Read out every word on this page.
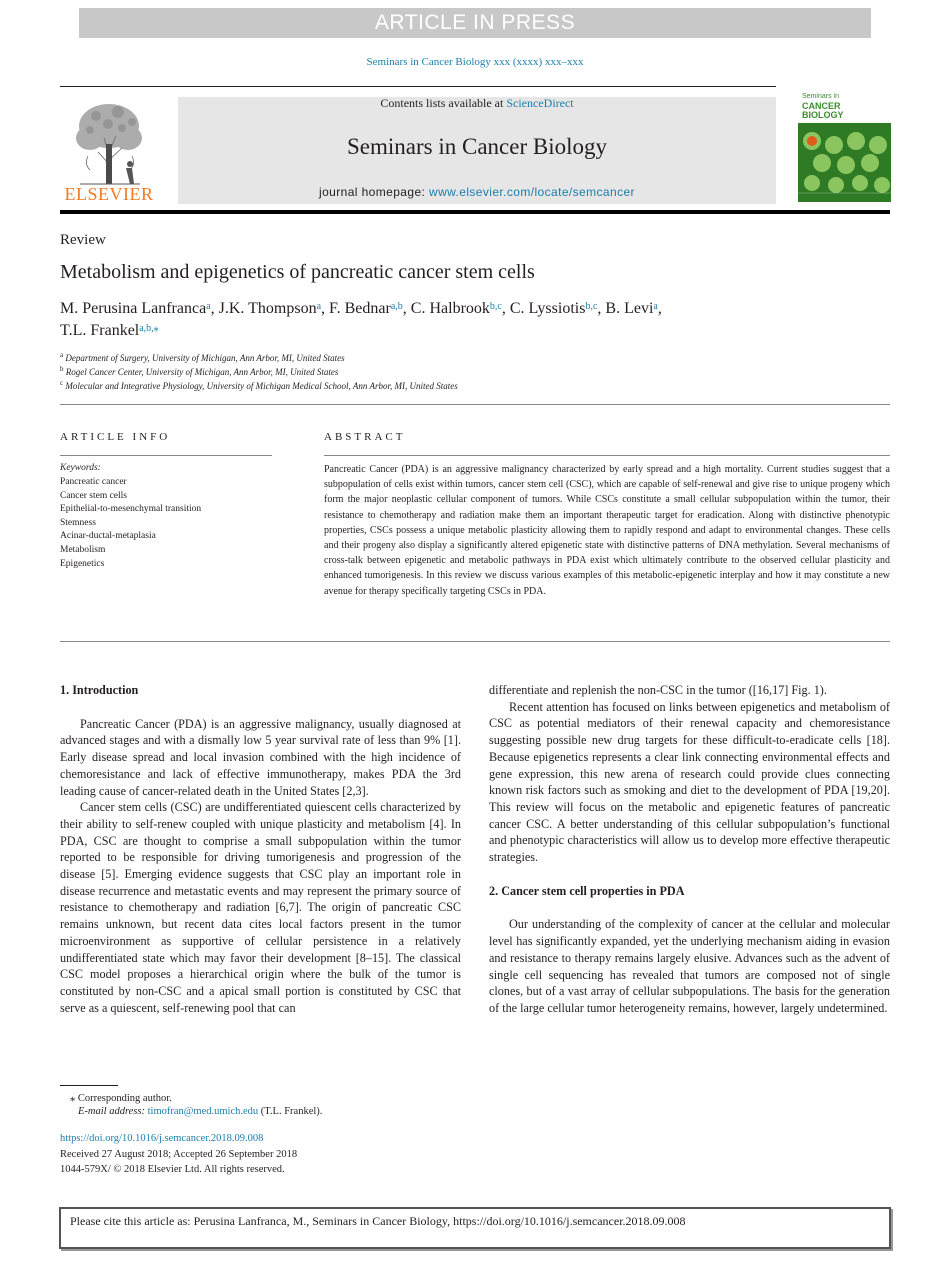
ARTICLE IN PRESS
Seminars in Cancer Biology xxx (xxxx) xxx–xxx
ELSEVIER
Contents lists available at ScienceDirect
Seminars in Cancer Biology
journal homepage: www.elsevier.com/locate/semcancer
Seminars in
CANCER
BIOLOGY
Review
Metabolism and epigenetics of pancreatic cancer stem cells
M. Perusina Lanfranca$^a$, J.K. Thompson$^a$, F. Bednar$^{a,b}$, C. Halbrook$^{b,c}$, C. Lyssiotis$^{b,c}$, B. Levi$^a$,
T.L. Frankel$^{a,b,⁎}$
$^a$ Department of Surgery, University of Michigan, Ann Arbor, MI, United States
$^b$ Rogel Cancer Center, University of Michigan, Ann Arbor, MI, United States
$^c$ Molecular and Integrative Physiology, University of Michigan Medical School, Ann Arbor, MI, United States
ARTICLE INFO	ABSTRACT
Keywords:
Pancreatic cancer
Cancer stem cells
Epithelial-to-mesenchymal transition
Stemness
Acinar-ductal-metaplasia
Metabolism
Epigenetics
Pancreatic Cancer (PDA) is an aggressive malignancy characterized by early spread and a high mortality. Current studies suggest that a subpopulation of cells exist within tumors, cancer stem cell (CSC), which are capable of self-renewal and give rise to unique progeny which form the major neoplastic cellular component of tumors. While CSCs constitute a small cellular subpopulation within the tumor, their resistance to chemotherapy and radiation make them an important therapeutic target for eradication. Along with distinctive phenotypic properties, CSCs possess a unique metabolic plasticity allowing them to rapidly respond and adapt to environmental changes. These cells and their progeny also display a significantly altered epigenetic state with distinctive patterns of DNA methylation. Several mechanisms of cross-talk between epigenetic and metabolic pathways in PDA exist which ultimately contribute to the observed cellular plasticity and enhanced tumorigenesis. In this review we discuss various examples of this metabolic-epigenetic interplay and how it may constitute a new avenue for therapy specifically targeting CSCs in PDA.
1. Introduction

Pancreatic Cancer (PDA) is an aggressive malignancy, usually diagnosed at advanced stages and with a dismally low 5 year survival rate of less than 9% [1]. Early disease spread and local invasion combined with the high incidence of chemoresistance and lack of effective immunotherapy, makes PDA the 3rd leading cause of cancer-related death in the United States [2,3].

Cancer stem cells (CSC) are undifferentiated quiescent cells characterized by their ability to self-renew coupled with unique plasticity and metabolism [4]. In PDA, CSC are thought to comprise a small subpopulation within the tumor reported to be responsible for driving tumorigenesis and progression of the disease [5]. Emerging evidence suggests that CSC play an important role in disease recurrence and metastatic events and may represent the primary source of resistance to chemotherapy and radiation [6,7]. The origin of pancreatic CSC remains unknown, but recent data cites local factors present in the tumor microenvironment as supportive of cellular persistence in a relatively undifferentiated state which may favor their development [8–15]. The classical CSC model proposes a hierarchical origin where the bulk of the tumor is constituted by non-CSC and a apical small portion is constituted by CSC that serve as a quiescent, self-renewing pool that can

differentiate and replenish the non-CSC in the tumor ([16,17] Fig. 1).

Recent attention has focused on links between epigenetics and metabolism of CSC as potential mediators of their renewal capacity and chemoresistance suggesting possible new drug targets for these difficult-to-eradicate cells [18]. Because epigenetics represents a clear link connecting environmental effects and gene expression, this new arena of research could provide clues connecting known risk factors such as smoking and diet to the development of PDA [19,20]. This review will focus on the metabolic and epigenetic features of pancreatic cancer CSC. A better understanding of this cellular subpopulation’s functional and phenotypic characteristics will allow us to develop more effective therapeutic strategies.

2. Cancer stem cell properties in PDA

Our understanding of the complexity of cancer at the cellular and molecular level has significantly expanded, yet the underlying mechanism aiding in evasion and resistance to therapy remains largely elusive. Advances such as the advent of single cell sequencing has revealed that tumors are composed not of single clones, but of a vast array of cellular subpopulations. The basis for the generation of the large cellular tumor heterogeneity remains, however, largely undetermined.

⁎ Corresponding author.
E-mail address: timofran@med.umich.edu (T.L. Frankel).
https://doi.org/10.1016/j.semcancer.2018.09.008
Received 27 August 2018; Accepted 26 September 2018
1044-579X/ © 2018 Elsevier Ltd. All rights reserved.
Please cite this article as: Perusina Lanfranca, M., Seminars in Cancer Biology, https://doi.org/10.1016/j.semcancer.2018.09.008
